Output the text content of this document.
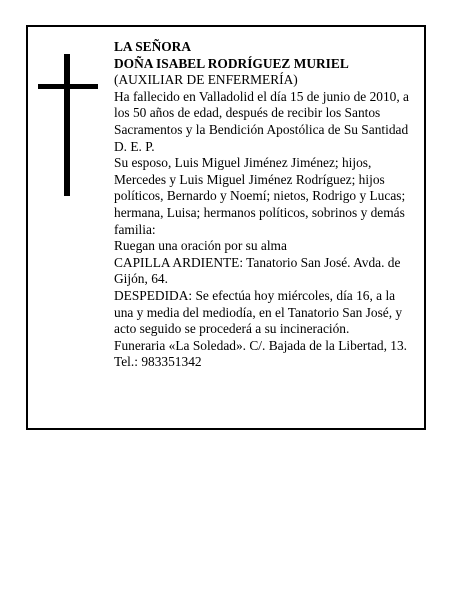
LA SEÑORA
DOÑA ISABEL RODRÍGUEZ MURIEL
(AUXILIAR DE ENFERMERÍA)
Ha fallecido en Valladolid el día 15 de junio de 2010, a
los 50 años de edad, después de recibir los Santos
Sacramentos y la Bendición Apostólica de Su Santidad
D. E. P.
Su esposo, Luis Miguel Jiménez Jiménez; hijos,
Mercedes y Luis Miguel Jiménez Rodríguez; hijos
políticos, Bernardo y Noemí; nietos, Rodrigo y Lucas;
hermana, Luisa; hermanos políticos, sobrinos y demás
familia:
Ruegan una oración por su alma
CAPILLA ARDIENTE: Tanatorio San José. Avda. de
Gijón, 64.
DESPEDIDA: Se efectúa hoy miércoles, día 16, a la
una y media del mediodía, en el Tanatorio San José, y
acto seguido se procederá a su incineración.
Funeraria «La Soledad». C/. Bajada de la Libertad, 13.
Tel.: 983351342
